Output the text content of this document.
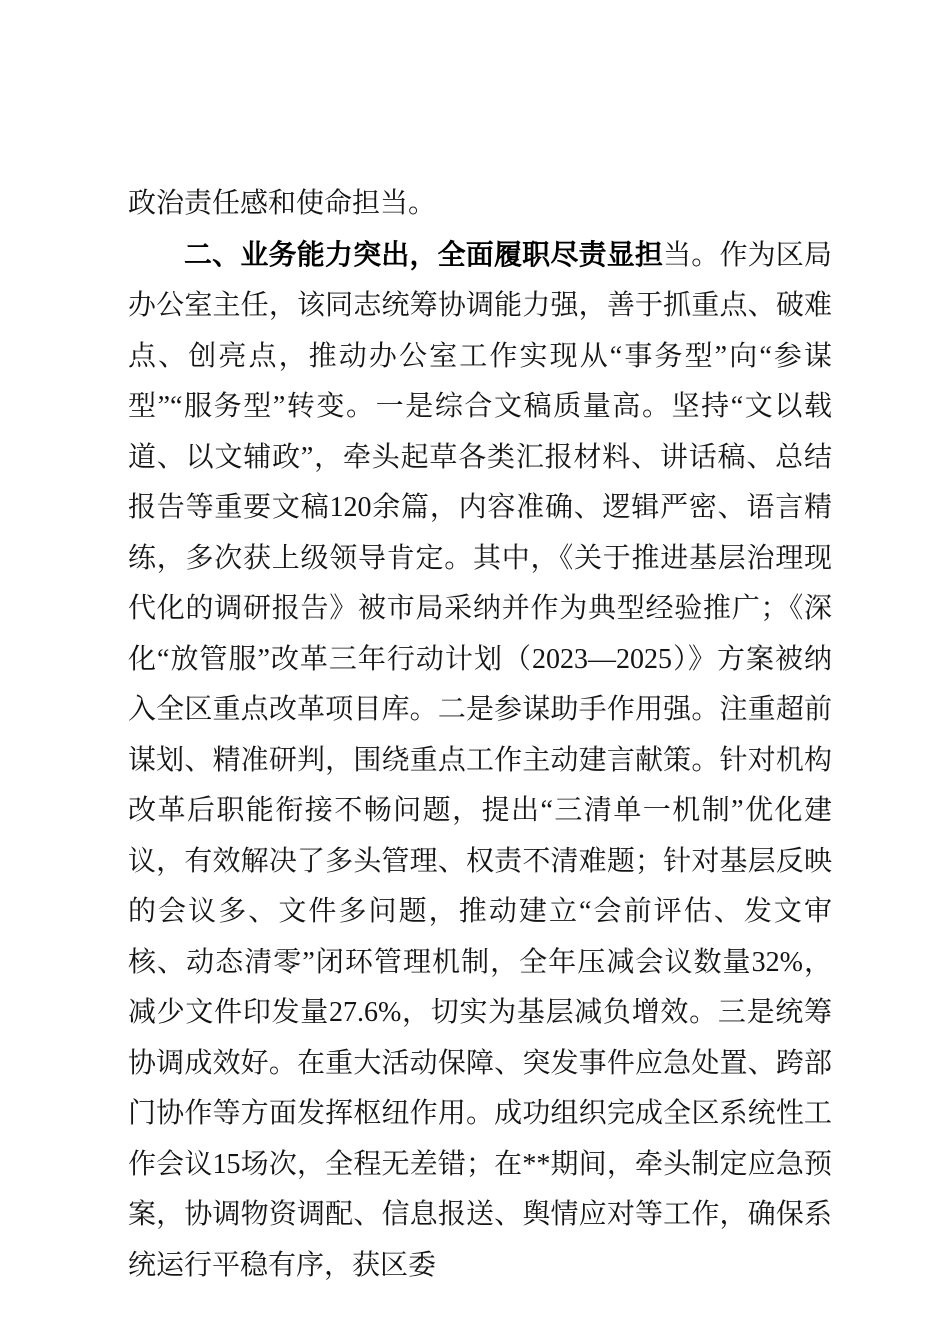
政治责任感和使命担当。

二、业务能力突出，全面履职尽责显担当。作为区局办公室主任，该同志统筹协调能力强，善于抓重点、破难点、创亮点，推动办公室工作实现从“事务型”向“参谋型”“服务型”转变。一是综合文稿质量高。坚持“文以载道、以文辅政”，牵头起草各类汇报材料、讲话稿、总结报告等重要文稿120余篇，内容准确、逻辑严密、语言精练，多次获上级领导肯定。其中，《关于推进基层治理现代化的调研报告》被市局采纳并作为典型经验推广；《深化“放管服”改革三年行动计划（2023—2025）》方案被纳入全区重点改革项目库。二是参谋助手作用强。注重超前谋划、精准研判，围绕重点工作主动建言献策。针对机构改革后职能衔接不畅问题，提出“三清单一机制”优化建议，有效解决了多头管理、权责不清难题；针对基层反映的会议多、文件多问题，推动建立“会前评估、发文审核、动态清零”闭环管理机制，全年压减会议数量32%，减少文件印发量27.6%，切实为基层减负增效。三是统筹协调成效好。在重大活动保障、突发事件应急处置、跨部门协作等方面发挥枢纽作用。成功组织完成全区系统性工作会议15场次，全程无差错；在**期间，牵头制定应急预案，协调物资调配、信息报送、舆情应对等工作，确保系统运行平稳有序，获区委
